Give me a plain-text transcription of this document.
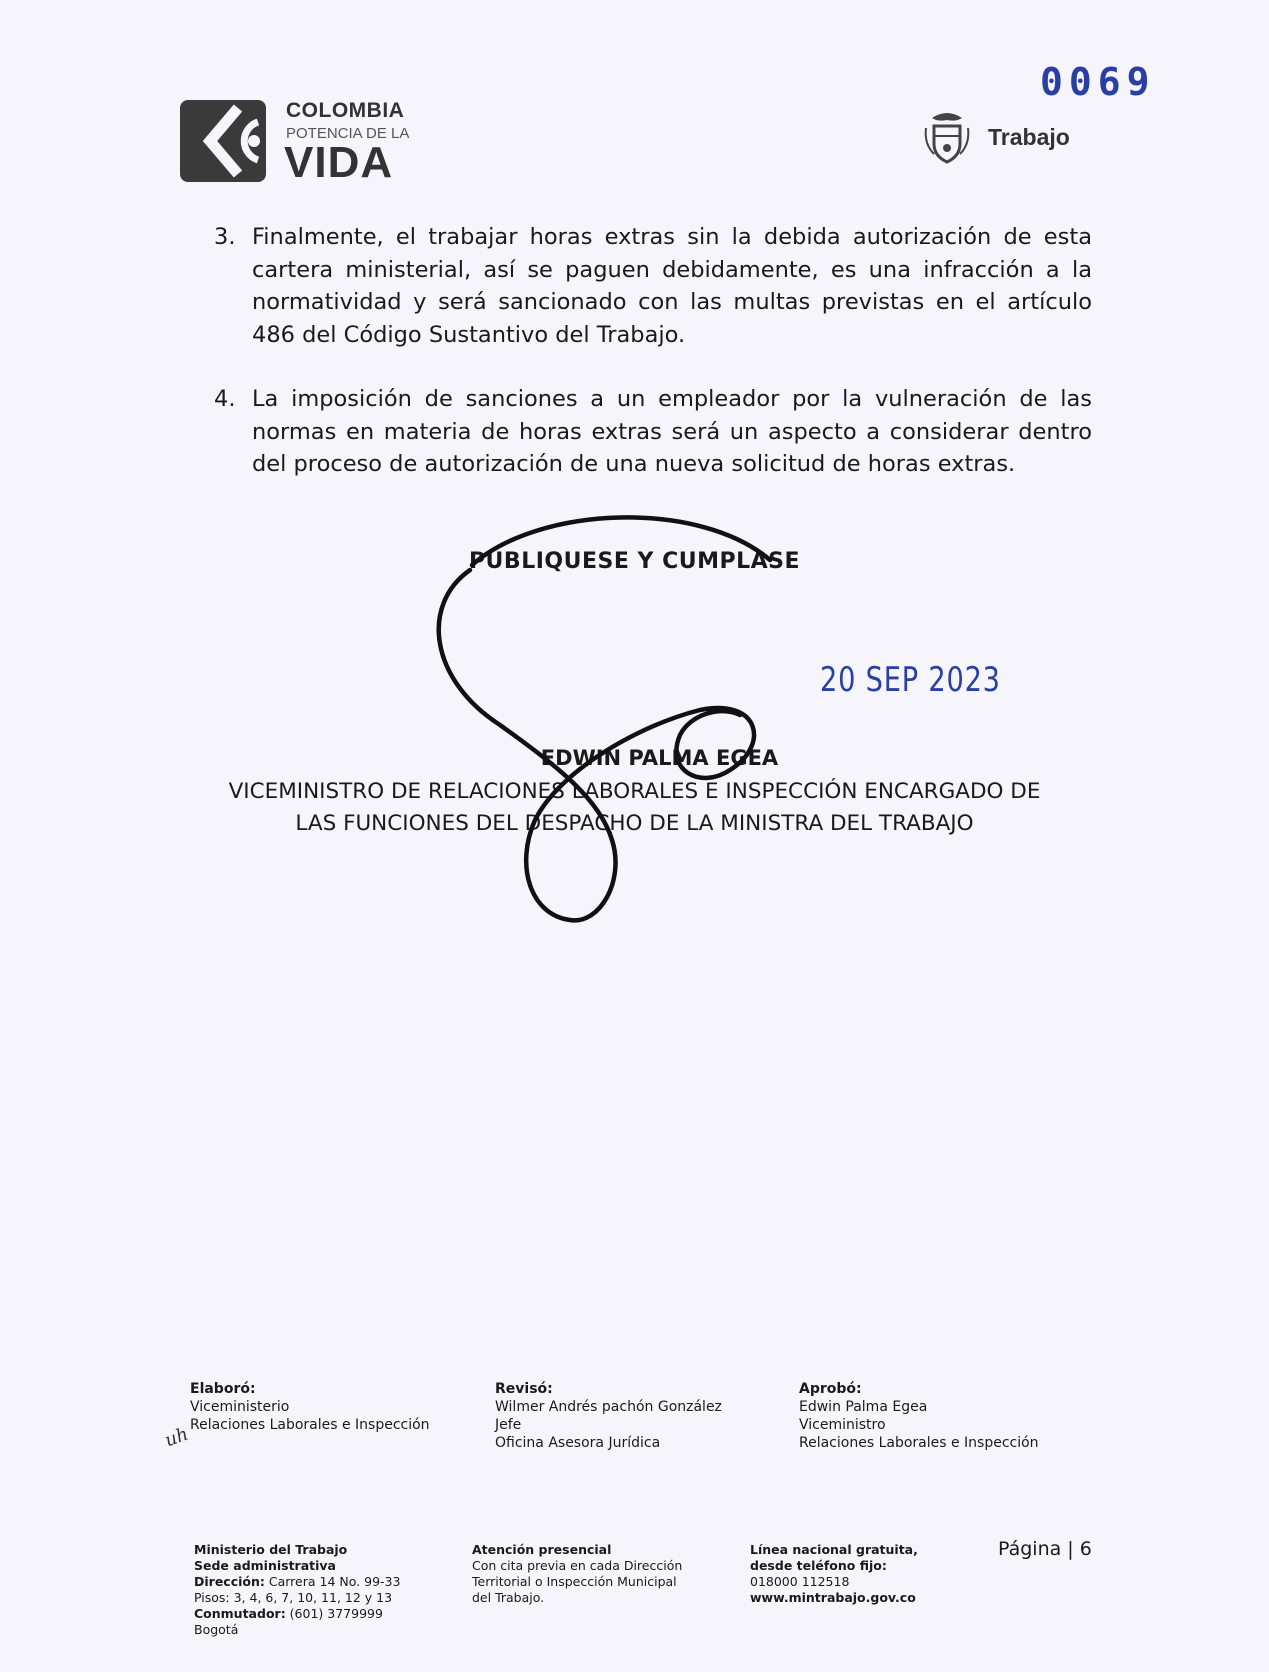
COLOMBIA
POTENCIA DE LA
VIDA
0069
Trabajo
3. Finalmente, el trabajar horas extras sin la debida autorización de esta cartera ministerial, así se paguen debidamente, es una infracción a la normatividad y será sancionado con las multas previstas en el artículo 486 del Código Sustantivo del Trabajo.
4. La imposición de sanciones a un empleador por la vulneración de las normas en materia de horas extras será un aspecto a considerar dentro del proceso de autorización de una nueva solicitud de horas extras.
PUBLIQUESE Y CUMPLASE
20 SEP 2023
EDWIN PALMA EGEA
VICEMINISTRO DE RELACIONES LABORALES E INSPECCIÓN ENCARGADO DE
LAS FUNCIONES DEL DESPACHO DE LA MINISTRA DEL TRABAJO
Elaboró:
Viceministerio
Relaciones Laborales e Inspección
uh
Revisó:
Wilmer Andrés pachón González
Jefe
Oficina Asesora Jurídica
Aprobó:
Edwin Palma Egea
Viceministro
Relaciones Laborales e Inspección
Ministerio del Trabajo
Sede administrativa
Dirección: Carrera 14 No. 99-33
Pisos: 3, 4, 6, 7, 10, 11, 12 y 13
Conmutador: (601) 3779999
Bogotá
Atención presencial
Con cita previa en cada Dirección
Territorial o Inspección Municipal
del Trabajo.
Línea nacional gratuita,
desde teléfono fijo:
018000 112518
www.mintrabajo.gov.co
Página | 6
